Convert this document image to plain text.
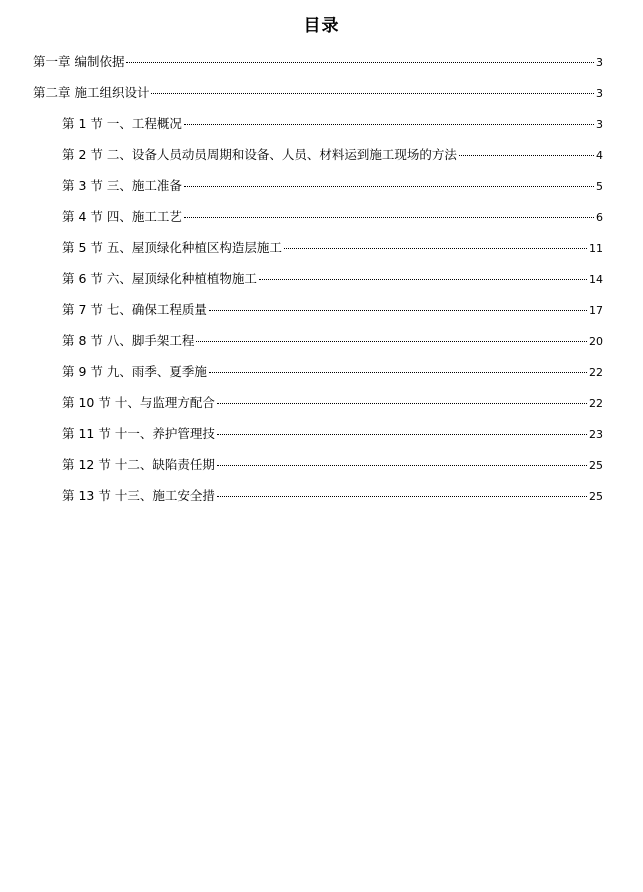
目录
第一章 编制依据	3
第二章 施工组织设计	3
第 1 节 一、工程概况	3
第 2 节 二、设备人员动员周期和设备、人员、材料运到施工现场的方法	4
第 3 节 三、施工准备	5
第 4 节 四、施工工艺	6
第 5 节 五、屋顶绿化种植区构造层施工	11
第 6 节 六、屋顶绿化种植植物施工	14
第 7 节 七、确保工程质量	17
第 8 节 八、脚手架工程	20
第 9 节 九、雨季、夏季施	22
第 10 节 十、与监理方配合	22
第 11 节 十一、养护管理技	23
第 12 节 十二、缺陷责任期	25
第 13 节 十三、施工安全措	25
